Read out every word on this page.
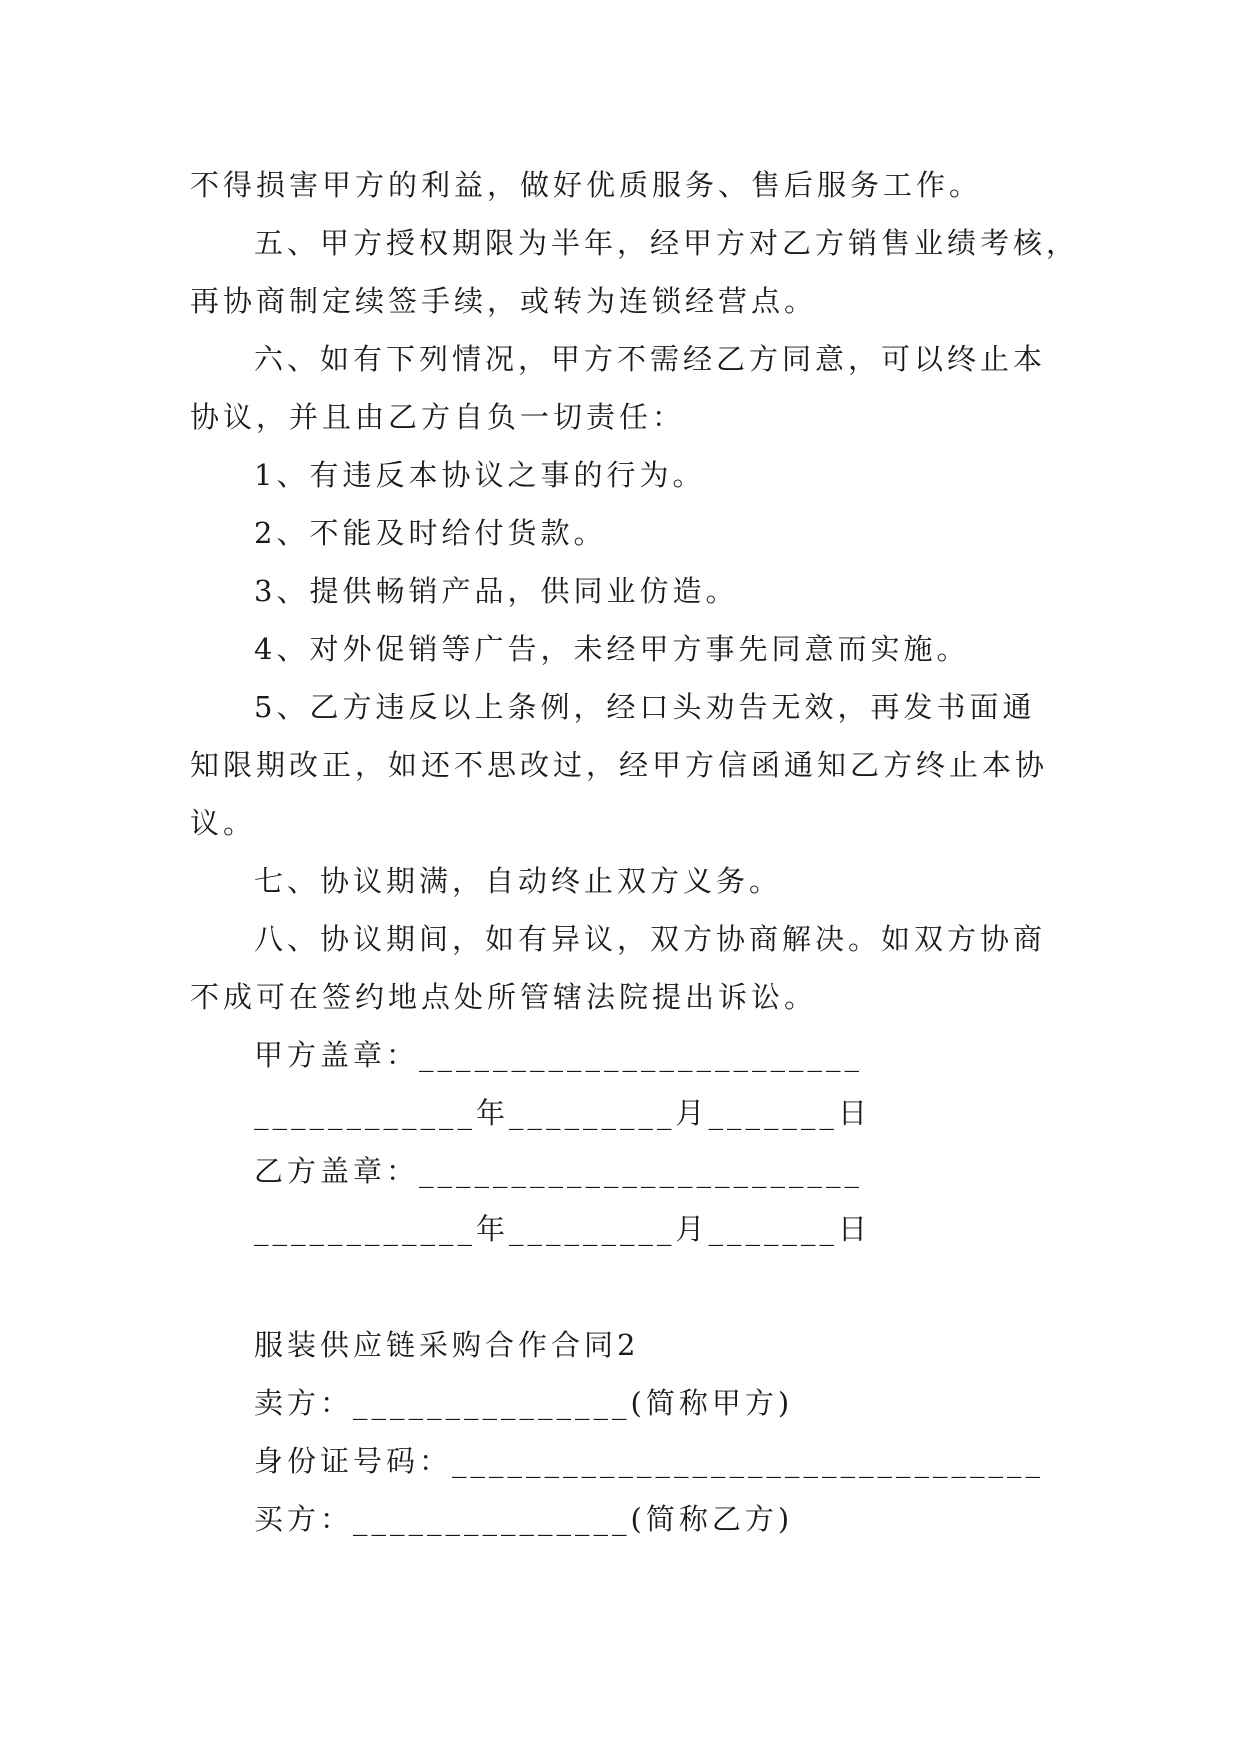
不得损害甲方的利益，做好优质服务、售后服务工作。
五、甲方授权期限为半年，经甲方对乙方销售业绩考核，
再协商制定续签手续，或转为连锁经营点。
六、如有下列情况，甲方不需经乙方同意，可以终止本
协议，并且由乙方自负一切责任：
1、有违反本协议之事的行为。
2、不能及时给付货款。
3、提供畅销产品，供同业仿造。
4、对外促销等广告，未经甲方事先同意而实施。
5、乙方违反以上条例，经口头劝告无效，再发书面通
知限期改正，如还不思改过，经甲方信函通知乙方终止本协
议。
七、协议期满，自动终止双方义务。
八、协议期间，如有异议，双方协商解决。如双方协商
不成可在签约地点处所管辖法院提出诉讼。
甲方盖章：________________________
____________年_________月_______日
乙方盖章：________________________
____________年_________月_______日
服装供应链采购合作合同2
卖方：_______________(简称甲方)
身份证号码：________________________________
买方：_______________(简称乙方)
